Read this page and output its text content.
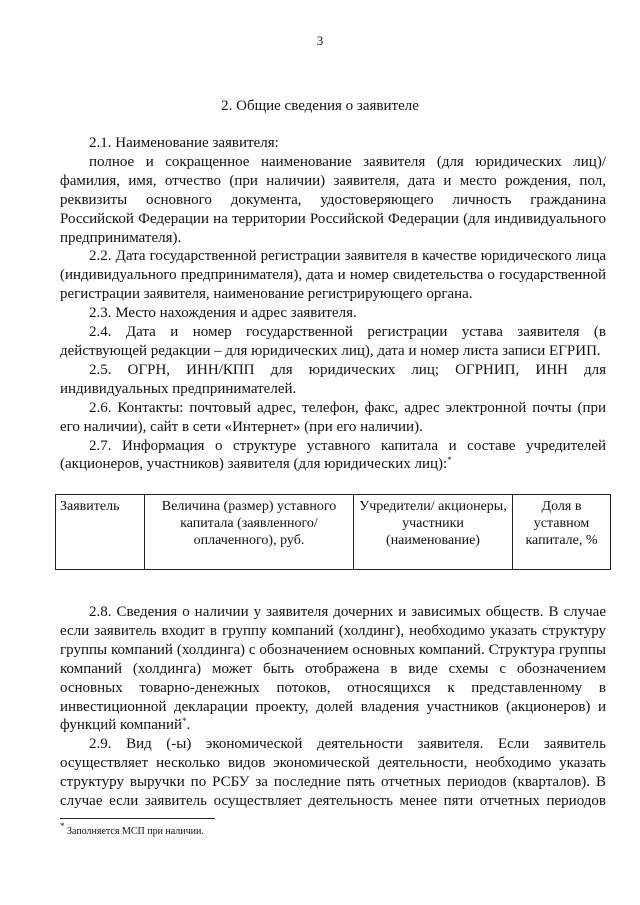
3
2. Общие сведения о заявителе

2.1. Наименование заявителя:

полное и сокращенное наименование заявителя (для юридических лиц)/ фамилия, имя, отчество (при наличии) заявителя, дата и место рождения, пол, реквизиты основного документа, удостоверяющего личность гражданина Российской Федерации на территории Российской Федерации (для индивидуального предпринимателя).

2.2. Дата государственной регистрации заявителя в качестве юридического лица (индивидуального предпринимателя), дата и номер свидетельства о государственной регистрации заявителя, наименование регистрирующего органа.

2.3. Место нахождения и адрес заявителя.

2.4. Дата и номер государственной регистрации устава заявителя (в действующей редакции – для юридических лиц), дата и номер листа записи ЕГРИП.

2.5. ОГРН, ИНН/КПП для юридических лиц; ОГРНИП, ИНН для индивидуальных предпринимателей.

2.6. Контакты: почтовый адрес, телефон, факс, адрес электронной почты (при его наличии), сайт в сети «Интернет» (при его наличии).

2.7. Информация о структуре уставного капитала и составе учредителей (акционеров, участников) заявителя (для юридических лиц):*

Заявитель	Величина (размер) уставного капитала (заявленного/ оплаченного), руб.	Учредители/ акционеры, участники (наименование)	Доля в уставном капитале, %

2.8. Сведения о наличии у заявителя дочерних и зависимых обществ. В случае если заявитель входит в группу компаний (холдинг), необходимо указать структуру группы компаний (холдинга) с обозначением основных компаний. Структура группы компаний (холдинга) может быть отображена в виде схемы с обозначением основных товарно-денежных потоков, относящихся к представленному в инвестиционной декларации проекту, долей владения участников (акционеров) и функций компаний*.

2.9. Вид (-ы) экономической деятельности заявителя. Если заявитель осуществляет несколько видов экономической деятельности, необходимо указать структуру выручки по РСБУ за последние пять отчетных периодов (кварталов). В случае если заявитель осуществляет деятельность менее пяти отчетных периодов

* Заполняется МСП при наличии.
